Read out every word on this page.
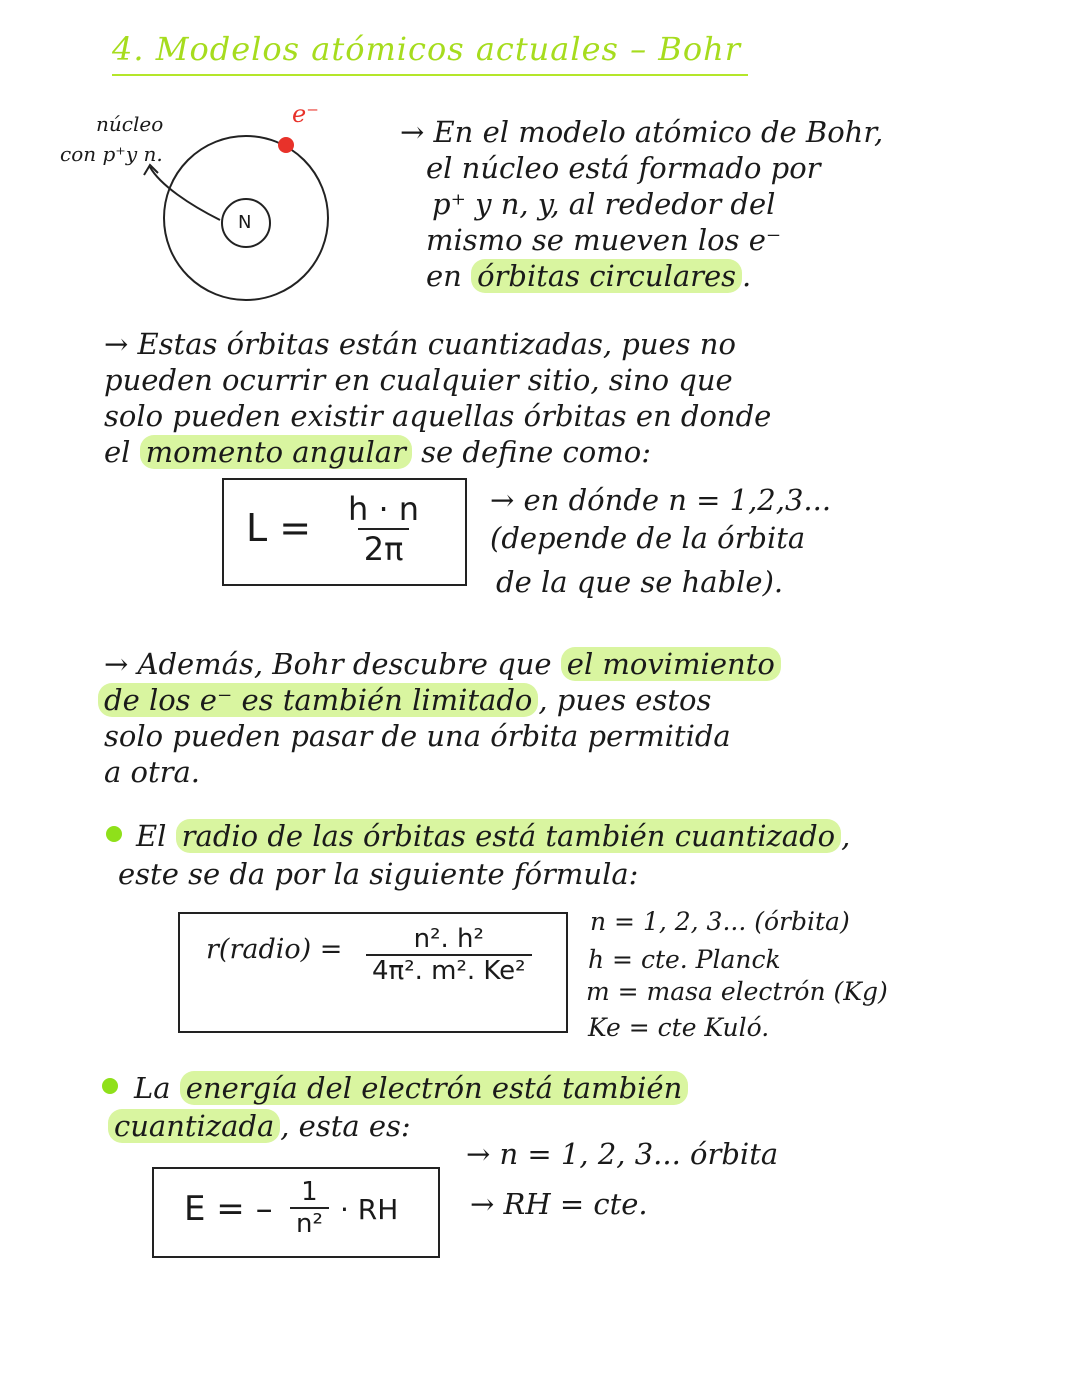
4. Modelos atómicos actuales – Bohr
núcleo
con p⁺y n.
N
e⁻
→ En el modelo atómico de Bohr,
el núcleo está formado por
p⁺ y n, y, al rededor del
mismo se mueven los e⁻
en órbitas circulares .
→ Estas órbitas están cuantizadas, pues no
pueden ocurrir en cualquier sitio, sino que
solo pueden existir aquellas órbitas en donde
el momento angular se define como:
$L = \frac{h \cdot n}{2\pi}$ → en dónde n = 1,2,3...
(depende de la órbita
de la que se hable).
→ Además, Bohr descubre que el movimiento
de los e⁻ es también limitado , pues estos
solo pueden pasar de una órbita permitida
a otra.
El radio de las órbitas está también cuantizado ,
este se da por la siguiente fórmula:
r(radio) = $\frac{\text{n². h²}}{\text{4π². m². Ke²}}$
n = 1, 2, 3... (órbita)
h = cte. Planck
m = masa electrón (Kg)
Ke = cte Kuló.
La energía del electrón está también
cuantizada , esta es:
E = – $\frac{1}{\text{n²}}$ · RH
→ n = 1, 2, 3... órbita
→ RH = cte.
